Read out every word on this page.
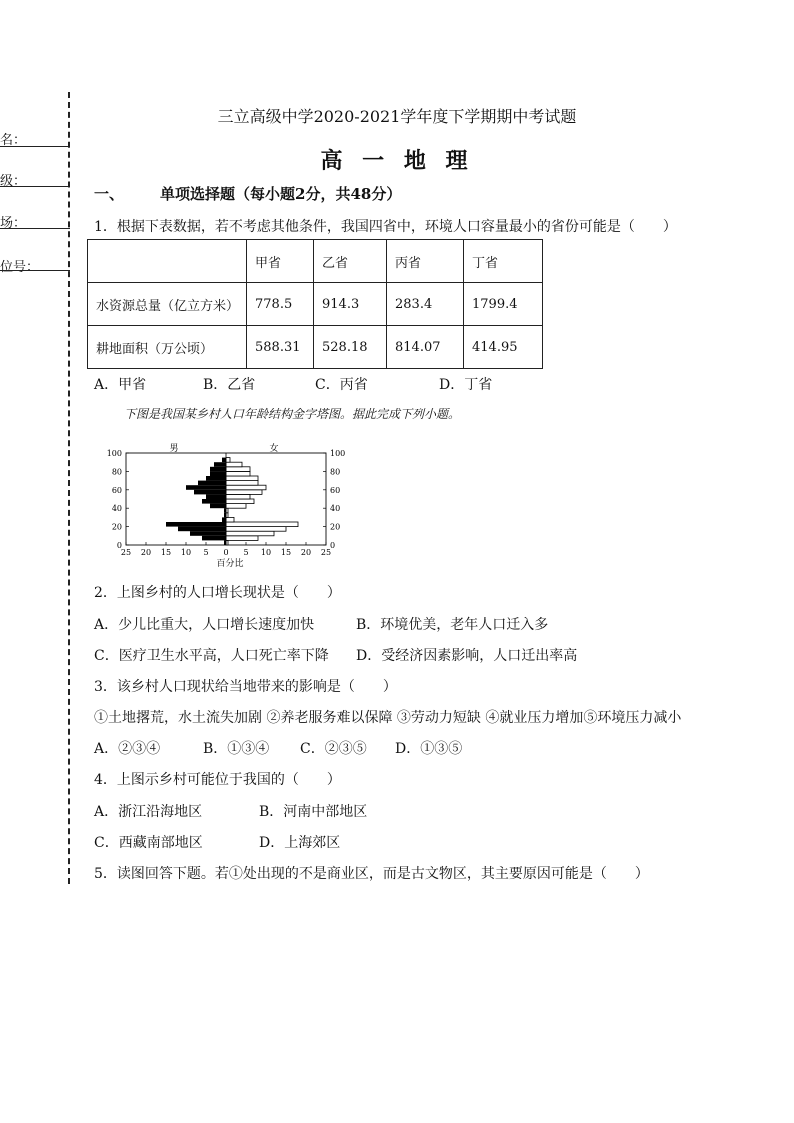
名：
级：
场：
位号：
三立高级中学2020-2021学年度下学期期中考试题
高 一 地 理
一、 单项选择题（每小题2分，共48分）
1．根据下表数据，若不考虑其他条件，我国四省中，环境人口容量最小的省份可能是（　　）
	甲省	乙省	丙省	丁省
水资源总量（亿立方米）	778.5	914.3	283.4	1799.4
耕地面积（万公顷）	588.31	528.18	814.07	414.95
A．甲省	B．乙省	C．丙省	D．丁省
下图是我国某乡村人口年龄结构金字塔图。据此完成下列小题。
100
80
60
40
20
0
100
80
60
40
20
0
25 20 15 10 5 0 5 10 15 20 25
男	女
百分比
2．上图乡村的人口增长现状是（　　）
A．少儿比重大，人口增长速度加快	B．环境优美，老年人口迁入多
C．医疗卫生水平高，人口死亡率下降 D．受经济因素影响，人口迁出率高
3．该乡村人口现状给当地带来的影响是（　　）
①土地撂荒，水土流失加剧 ②养老服务难以保障 ③劳动力短缺 ④就业压力增加⑤环境压力减小
A．②③④	B．①③④ C．②③⑤ D．①③⑤
4．上图示乡村可能位于我国的（　　）
A．浙江沿海地区	B．河南中部地区
C．西藏南部地区	D．上海郊区
5．读图回答下题。若①处出现的不是商业区，而是古文物区，其主要原因可能是（　　）
